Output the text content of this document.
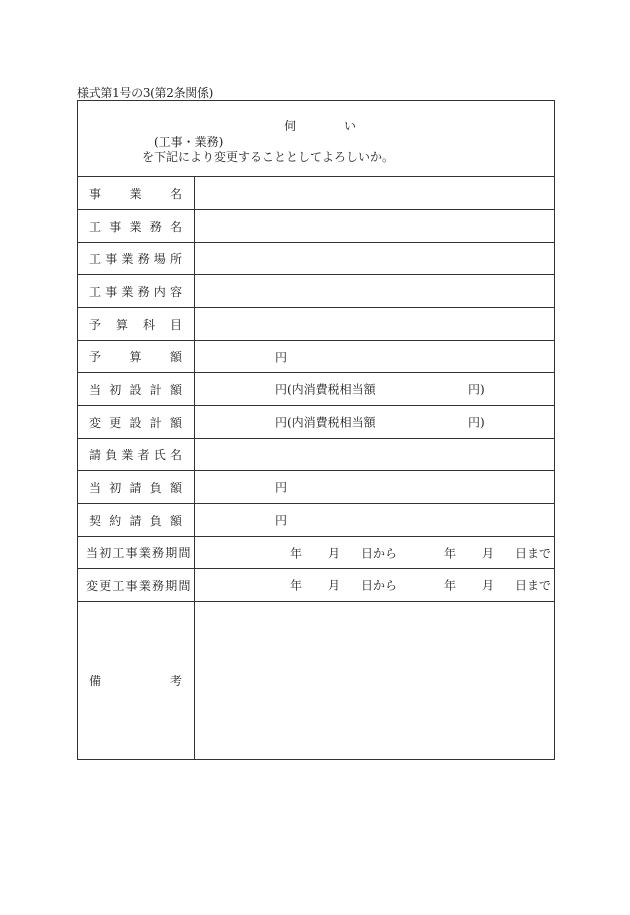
様式第1号の3(第2条関係)
伺　　　　い
(工事・業務)
を下記により変更することとしてよろしいか。
事業名
工事業務名
工事業務場所
工事業務内容
予算科目
予算額	円
当初設計額	円 (内消費税相当額	円)
変更設計額	円 (内消費税相当額	円)
請負業者氏名
当初請負額	円
契約請負額	円
当初工事業務期間	年 月 日から	年 月 日まで
変更工事業務期間	年 月 日から	年 月 日まで
備考
